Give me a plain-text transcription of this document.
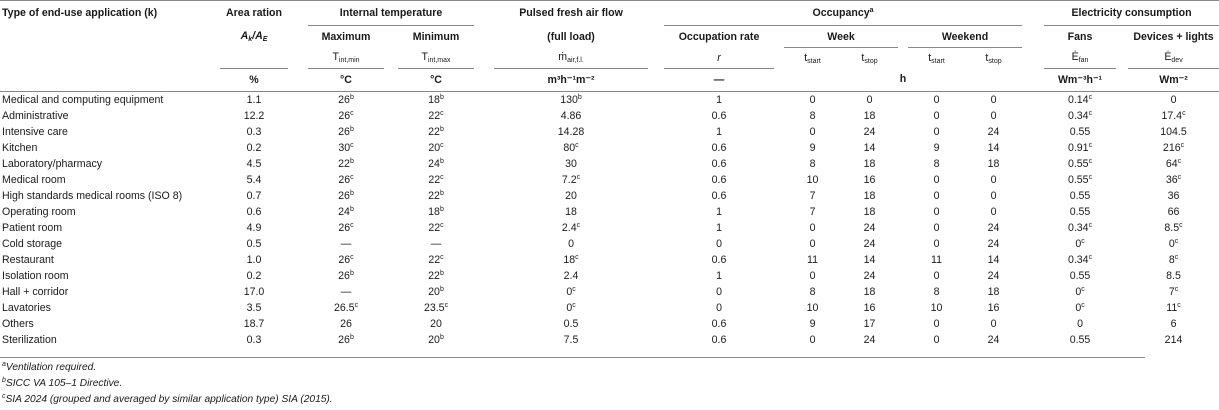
Type of end-use application (k)	Area ration		Internal temperature				Pulsed fresh air flow		Occupancy$^a$								Electricity consumption		
	$A_k/A_E$		Maximum		Minimum		(full load)		Occupation rate		Week			Weekend			Fans		Devices + lights
			$T_{int,min}$		$T_{int,max}$		ṁ$_{air,f.l.}$		r		$t_{start}$	$t_{stop}$		$t_{start}$	$t_{stop}$		$Ė_{fan}$		$Ė_{dev}$
	%		°C		°C		m³h⁻¹m⁻²		—		h						Wm⁻³h⁻¹		Wm⁻²
Medical and computing equipment	1.1		26$^b$		18$^b$		130$^b$		1		0	0		0	0		0.14$^c$		0
Administrative	12.2		26$^c$		22$^c$		4.86		0.6		8	18		0	0		0.34$^c$		17.4$^c$
Intensive care	0.3		26$^b$		22$^b$		14.28		1		0	24		0	24		0.55		104.5
Kitchen	0.2		30$^c$		20$^c$		80$^c$		0.6		9	14		9	14		0.91$^c$		216$^c$
Laboratory/pharmacy	4.5		22$^b$		24$^b$		30		0.6		8	18		8	18		0.55$^c$		64$^c$
Medical room	5.4		26$^c$		22$^c$		7.2$^c$		0.6		10	16		0	0		0.55$^c$		36$^c$
High standards medical rooms (ISO 8)	0.7		26$^b$		22$^b$		20		0.6		7	18		0	0		0.55		36
Operating room	0.6		24$^b$		18$^b$		18		1		7	18		0	0		0.55		66
Patient room	4.9		26$^c$		22$^c$		2.4$^c$		1		0	24		0	24		0.34$^c$		8.5$^c$
Cold storage	0.5		—		—		0		0		0	24		0	24		0$^c$		0$^c$
Restaurant	1.0		26$^c$		22$^c$		18$^c$		0.6		11	14		11	14		0.34$^c$		8$^c$
Isolation room	0.2		26$^b$		22$^b$		2.4		1		0	24		0	24		0.55		8.5
Hall + corridor	17.0		—		20$^b$		0$^c$		0		8	18		8	18		0$^c$		7$^c$
Lavatories	3.5		26.5$^c$		23.5$^c$		0$^c$		0		10	16		10	16		0$^c$		11$^c$
Others	18.7		26		20		0.5		0.6		9	17		0	0		0		6
Sterilization	0.3		26$^b$		20$^b$		7.5		0.6		0	24		0	24		0.55		214
$^a$Ventilation required.
$^b$SICC VA 105–1 Directive.
$^c$SIA 2024 (grouped and averaged by similar application type) SIA (2015).
